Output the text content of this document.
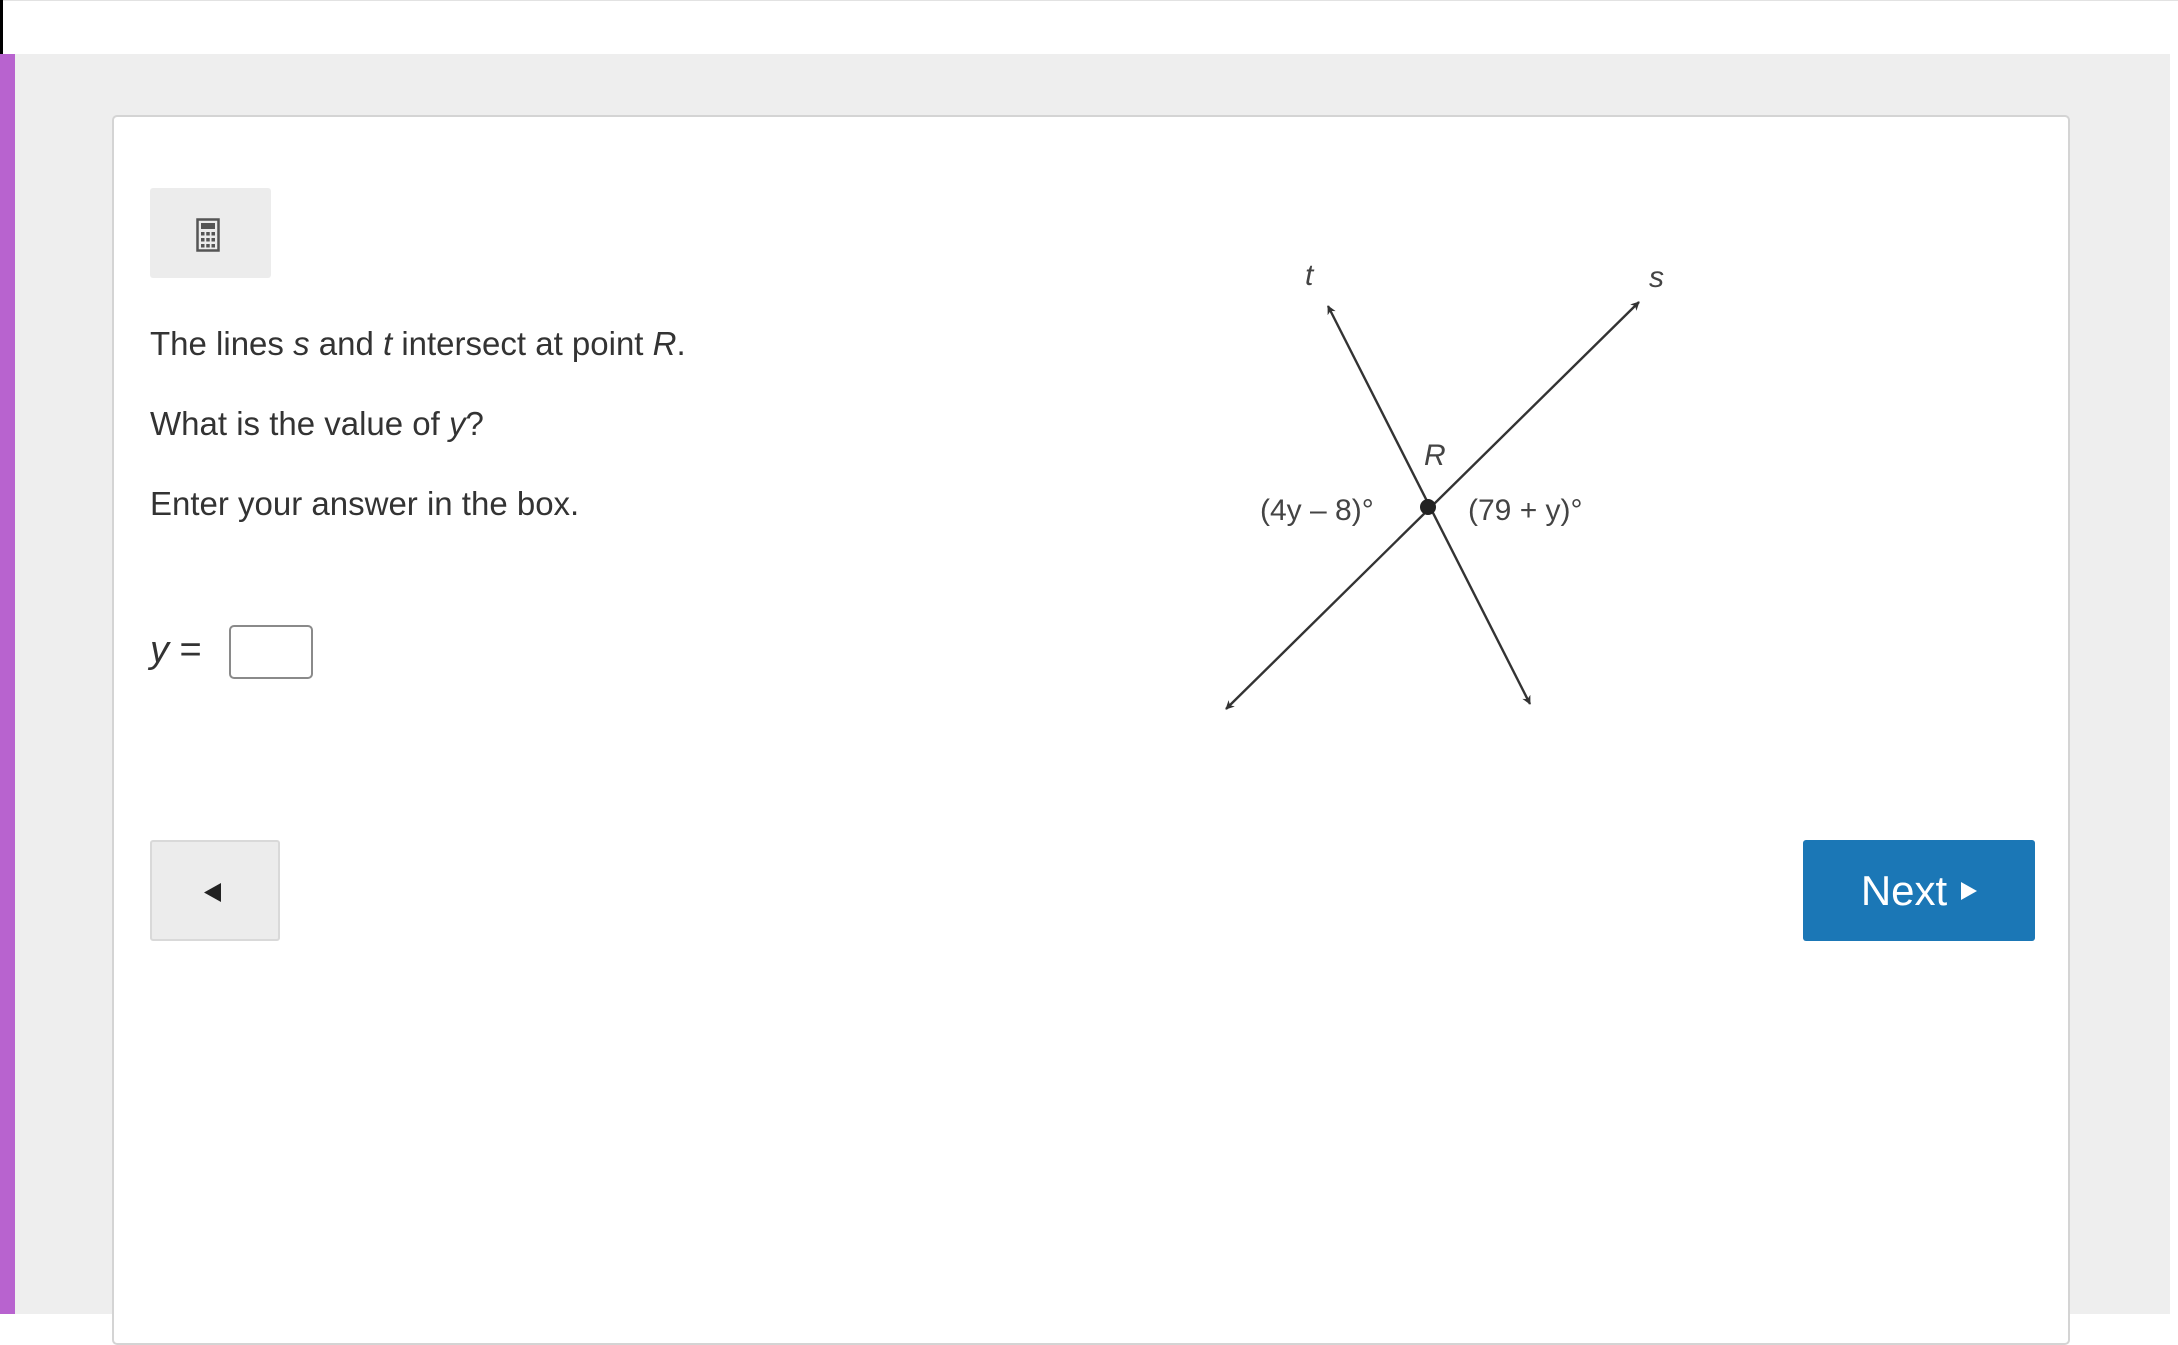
The lines s and t intersect at point R.
What is the value of y?
Enter your answer in the box.
y =
t	s
R
(4y – 8)°	(79 + y)°
Next
